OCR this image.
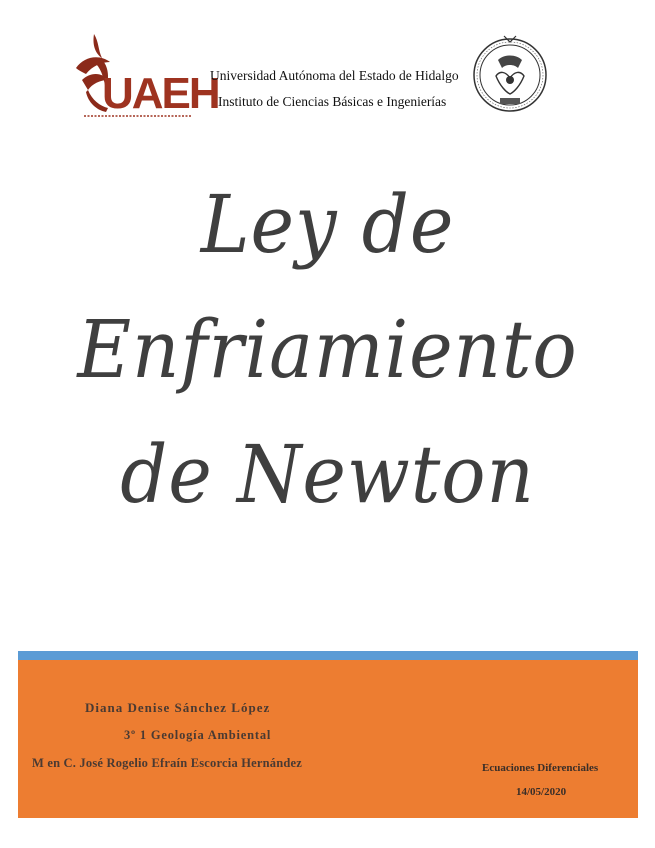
UAEH
Universidad Autónoma del Estado de Hidalgo
Instituto de Ciencias Básicas e Ingenierías
Ley de
Enfriamiento
de Newton
Diana Denise Sánchez López
3º 1 Geología Ambiental
M en C. José Rogelio Efraín Escorcia Hernández	Ecuaciones Diferenciales
14/05/2020
